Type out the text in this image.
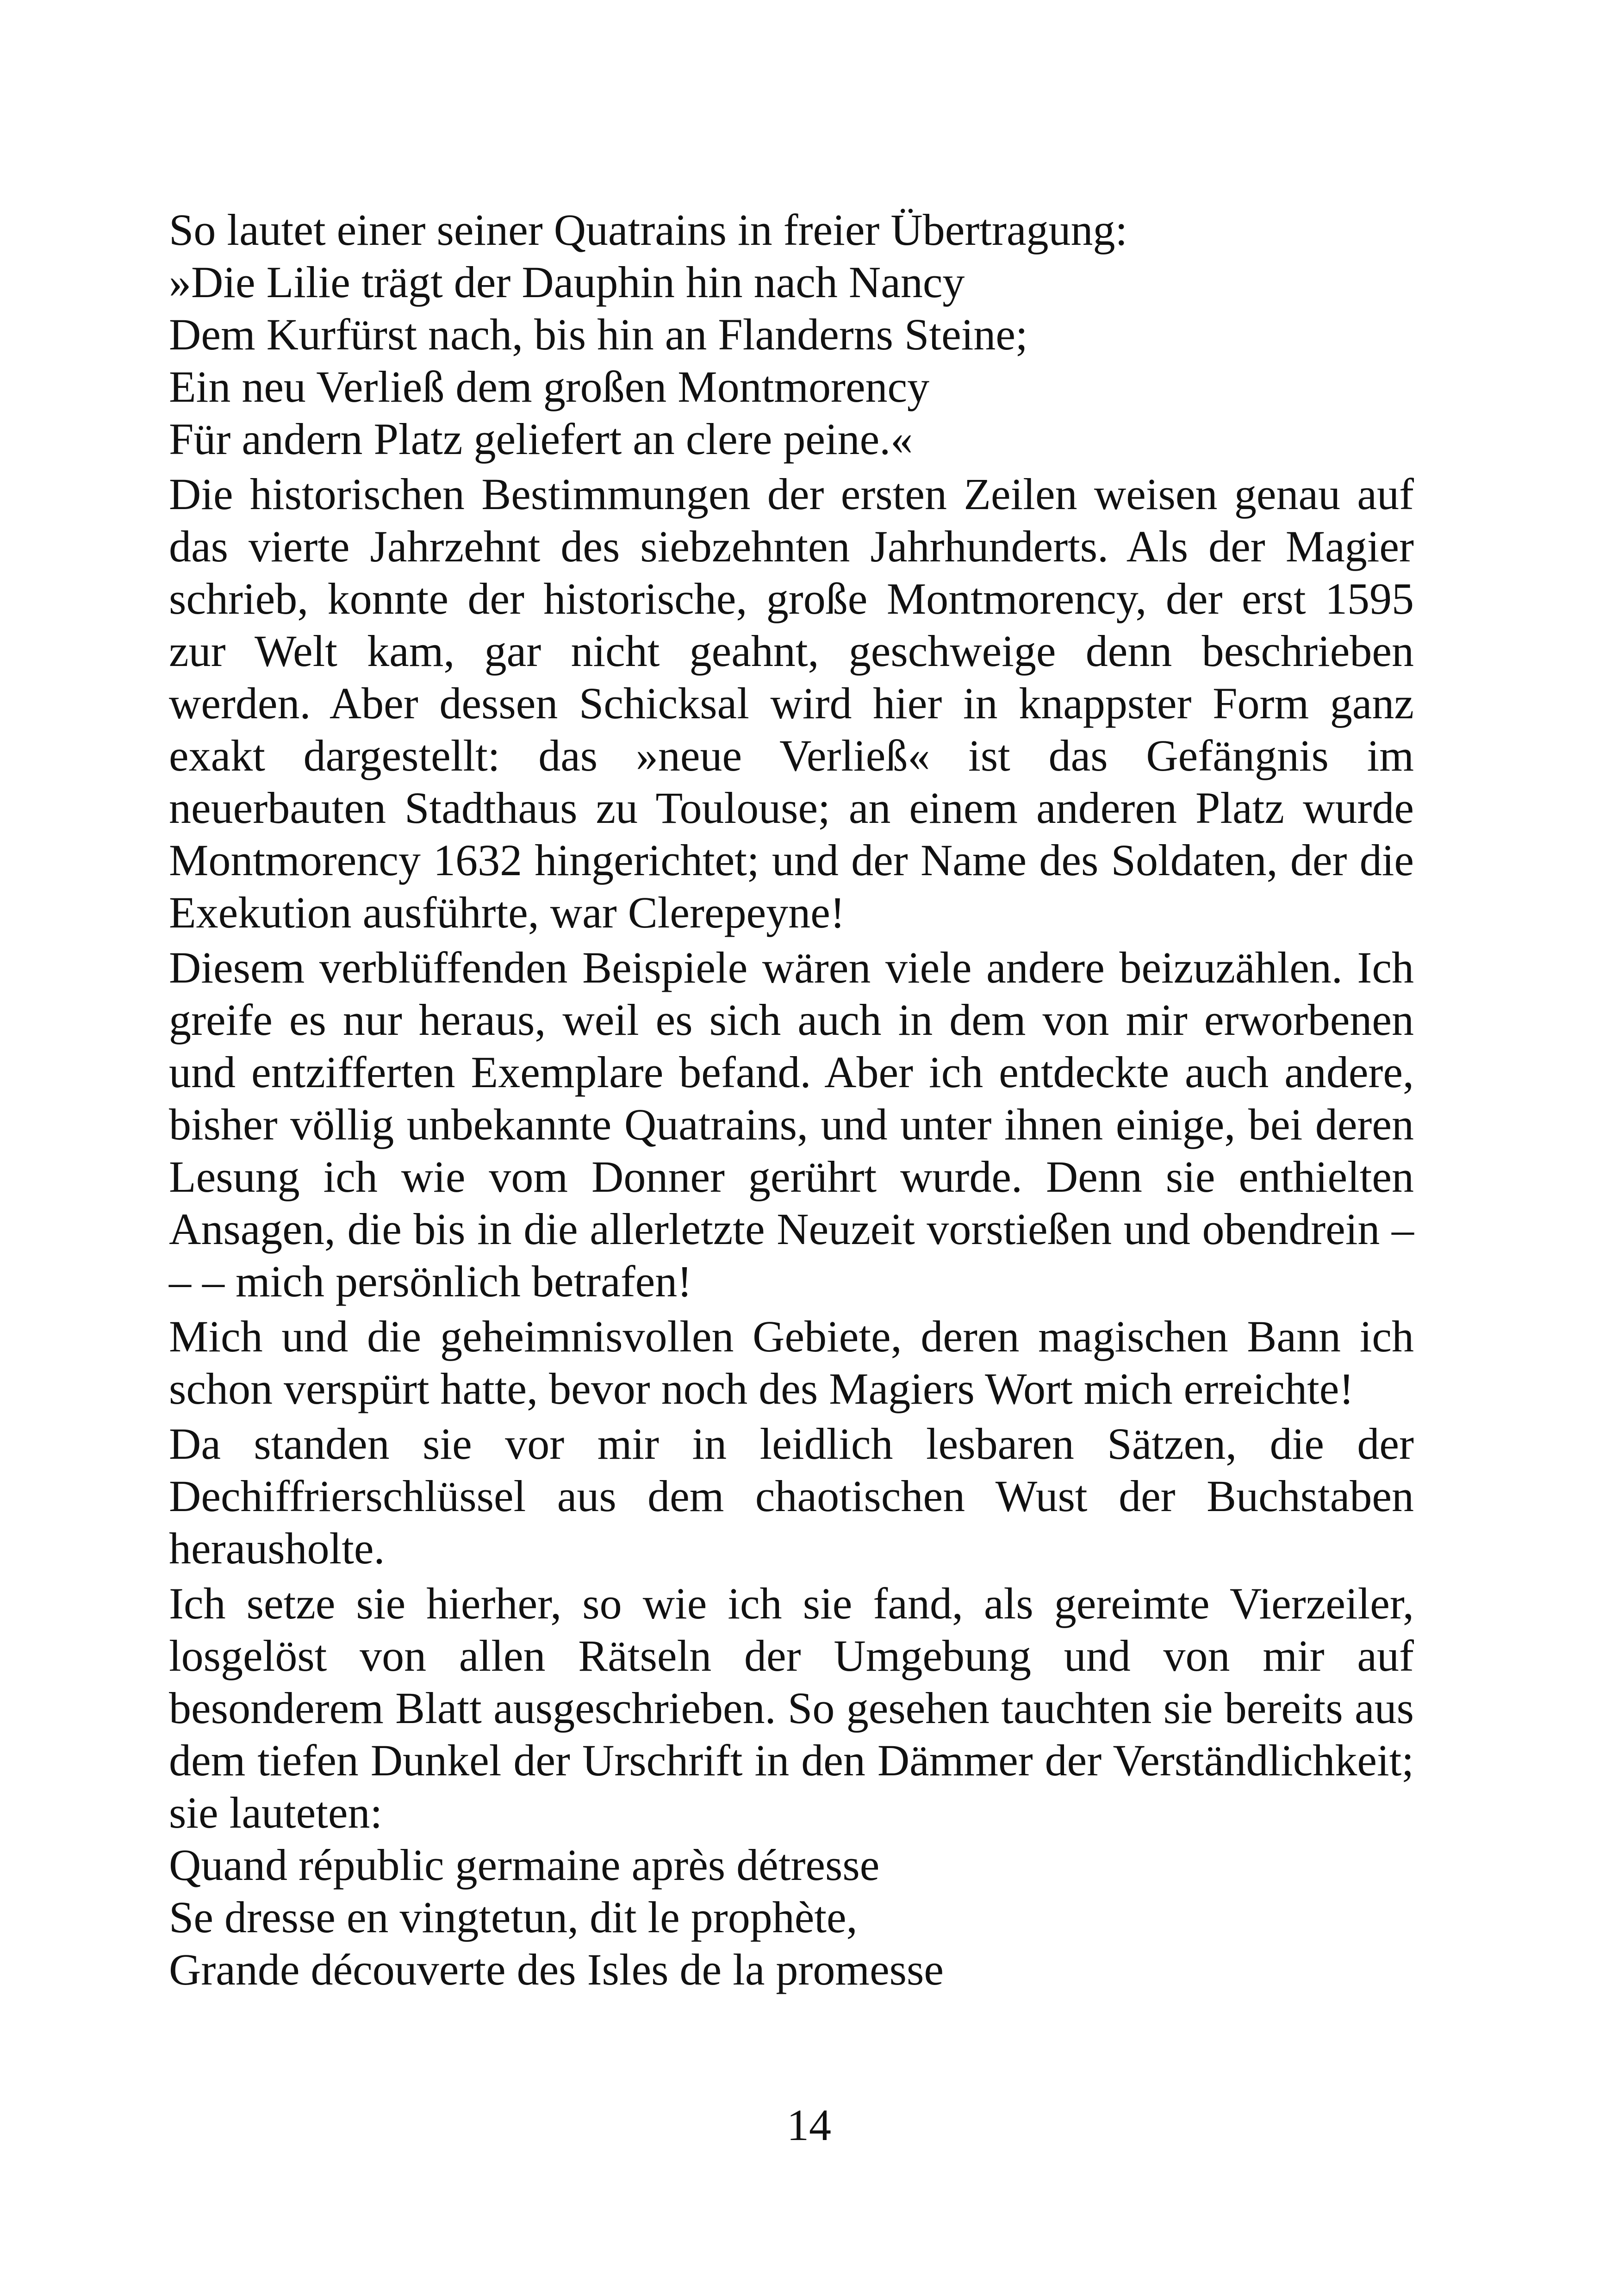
So lautet einer seiner Quatrains in freier Übertragung:
»Die Lilie trägt der Dauphin hin nach Nancy
Dem Kurfürst nach, bis hin an Flanderns Steine;
Ein neu Verließ dem großen Montmorency
Für andern Platz geliefert an clere peine.«

Die historischen Bestimmungen der ersten Zeilen weisen genau auf das vierte Jahrzehnt des siebzehnten Jahrhunderts. Als der Magier schrieb, konnte der historische, große Montmorency, der erst 1595 zur Welt kam, gar nicht geahnt, geschweige denn beschrieben werden. Aber dessen Schicksal wird hier in knappster Form ganz exakt dargestellt: das »neue Verließ« ist das Gefängnis im neuerbauten Stadthaus zu Toulouse; an einem anderen Platz wurde Montmorency 1632 hingerichtet; und der Name des Soldaten, der die Exekution ausführte, war Clerepeyne!

Diesem verblüffenden Beispiele wären viele andere beizuzählen. Ich greife es nur heraus, weil es sich auch in dem von mir erworbenen und entzifferten Exemplare befand. Aber ich entdeckte auch andere, bisher völlig unbekannte Quatrains, und unter ihnen einige, bei deren Lesung ich wie vom Donner gerührt wurde. Denn sie enthielten Ansagen, die bis in die allerletzte Neuzeit vorstießen und obendrein – – – mich persönlich betrafen!

Mich und die geheimnisvollen Gebiete, deren magischen Bann ich schon verspürt hatte, bevor noch des Magiers Wort mich erreichte!

Da standen sie vor mir in leidlich lesbaren Sätzen, die der Dechiffrierschlüssel aus dem chaotischen Wust der Buchstaben herausholte.

Ich setze sie hierher, so wie ich sie fand, als gereimte Vierzeiler, losgelöst von allen Rätseln der Umgebung und von mir auf besonderem Blatt ausgeschrieben. So gesehen tauchten sie bereits aus dem tiefen Dunkel der Urschrift in den Dämmer der Verständlichkeit; sie lauteten:

Quand républic germaine après détresse
Se dresse en vingtetun, dit le prophète,
Grande découverte des Isles de la promesse
14
